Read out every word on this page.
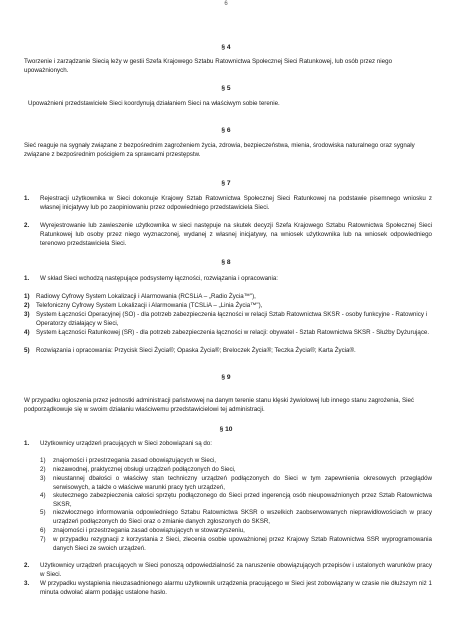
6
§ 4
Tworzenie i zarządzanie Siecią leży w gestii Szefa Krajowego Sztabu Ratownictwa Społecznej Sieci Ratunkowej, lub osób przez niego upoważnionych.
§ 5
Upoważnieni przedstawiciele Sieci koordynują działaniem Sieci na właściwym sobie terenie.
§ 6
Sieć reaguje na sygnały związane z bezpośrednim zagrożeniem życia, zdrowia, bezpieczeństwa, mienia, środowiska naturalnego oraz sygnały związane z bezpośrednim pościgiem za sprawcami przestępstw.
§ 7
1. Rejestracji użytkownika w Sieci dokonuje Krajowy Sztab Ratownictwa Społecznej Sieci Ratunkowej na podstawie pisemnego wniosku z własnej inicjatywy lub po zaopiniowaniu przez odpowiedniego przedstawiciela Sieci.
2. Wyrejestrowanie lub zawieszenie użytkownika w sieci następuje na skutek decyzji Szefa Krajowego Sztabu Ratownictwa Społecznej Sieci Ratunkowej lub osoby przez niego wyznaczonej, wydanej z własnej inicjatywy, na wniosek użytkownika lub na wniosek odpowiedniego terenowo przedstawiciela Sieci.
§ 8
1. W skład Sieci wchodzą następujące podsystemy łączności, rozwiązania i opracowania:
1) Radiowy Cyfrowy System Lokalizacji i Alarmowania (RCSLiA – „Radio Życia™"),
2) Telefoniczny Cyfrowy System Lokalizacji i Alarmowania (TCSLiA – „Linia Życia™"),
3) System Łączności Operacyjnej (SO) - dla potrzeb zabezpieczenia łączności w relacji Sztab Ratownictwa SKSR - osoby funkcyjne - Ratownicy i Operatorzy działający w Sieci,
4) System Łączności Ratunkowej (SR) - dla potrzeb zabezpieczenia łączności w relacji: obywatel - Sztab Ratownictwa SKSR - Służby Dyżurujące.
5) Rozwiązania i opracowania: Przycisk Sieci Życia®; Opaska Życia®; Breloczek Życia®; Teczka Życia®; Karta Życia®.
§ 9
W przypadku ogłoszenia przez jednostki administracji państwowej na danym terenie stanu klęski żywiołowej lub innego stanu zagrożenia, Sieć podporządkowuje się w swoim działaniu właściwemu przedstawicielowi tej administracji.
§ 10
1. Użytkownicy urządzeń pracujących w Sieci zobowiązani są do:
1) znajomości i przestrzegania zasad obowiązujących w Sieci,
2) niezawodnej, praktycznej obsługi urządzeń podłączonych do Sieci,
3) nieustannej dbałości o właściwy stan techniczny urządzeń podłączonych do Sieci w tym zapewnienia okresowych przeglądów serwisowych, a także o właściwe warunki pracy tych urządzeń,
4) skutecznego zabezpieczenia całości sprzętu podłączonego do Sieci przed ingerencją osób nieupoważnionych przez Sztab Ratownictwa SKSR,
5) niezwłocznego informowania odpowiedniego Sztabu Ratownictwa SKSR o wszelkich zaobserwowanych nieprawidłowościach w pracy urządzeń podłączonych do Sieci oraz o zmianie danych zgłoszonych do SKSR,
6) znajomości i przestrzegania zasad obowiązujących w stowarzyszeniu,
7) w przypadku rezygnacji z korzystania z Sieci, zlecenia osobie upoważnionej przez Krajowy Sztab Ratownictwa SSR wyprogramowania danych Sieci ze swoich urządzeń.
2. Użytkownicy urządzeń pracujących w Sieci ponoszą odpowiedzialność za naruszenie obowiązujących przepisów i ustalonych warunków pracy w Sieci.
3. W przypadku wystąpienia nieuzasadnionego alarmu użytkownik urządzenia pracującego w Sieci jest zobowiązany w czasie nie dłuższym niż 1 minuta odwołać alarm podając ustalone hasło.
